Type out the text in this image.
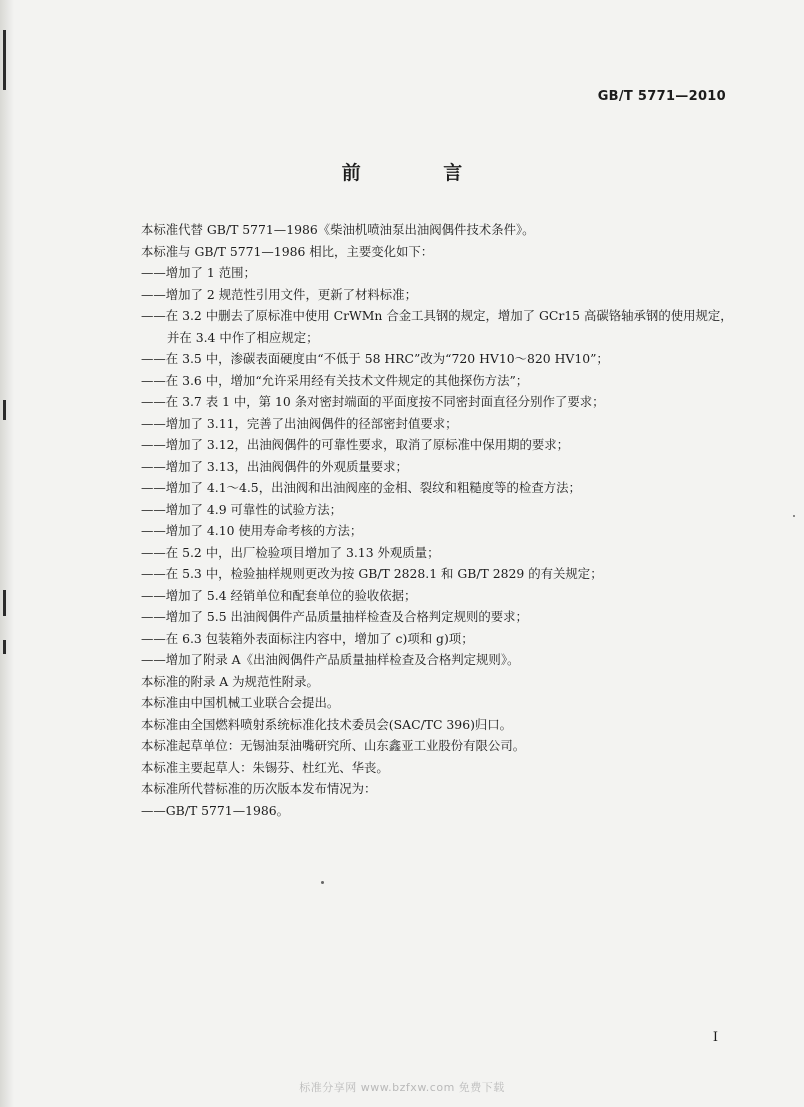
GB/T 5771—2010
前 言
本标准代替 GB/T 5771—1986《柴油机喷油泵出油阀偶件技术条件》。
本标准与 GB/T 5771—1986 相比，主要变化如下：
——增加了 1 范围；
——增加了 2 规范性引用文件，更新了材料标准；
——在 3.2 中删去了原标准中使用 CrWMn 合金工具钢的规定，增加了 GCr15 高碳铬轴承钢的使用规定，并在 3.4 中作了相应规定；
——在 3.5 中，渗碳表面硬度由“不低于 58 HRC”改为“720 HV10～820 HV10”；
——在 3.6 中，增加“允许采用经有关技术文件规定的其他探伤方法”；
——在 3.7 表 1 中，第 10 条对密封端面的平面度按不同密封面直径分别作了要求；
——增加了 3.11，完善了出油阀偶件的径部密封值要求；
——增加了 3.12，出油阀偶件的可靠性要求，取消了原标准中保用期的要求；
——增加了 3.13，出油阀偶件的外观质量要求；
——增加了 4.1～4.5，出油阀和出油阀座的金相、裂纹和粗糙度等的检查方法；
——增加了 4.9 可靠性的试验方法；
——增加了 4.10 使用寿命考核的方法；
——在 5.2 中，出厂检验项目增加了 3.13 外观质量；
——在 5.3 中，检验抽样规则更改为按 GB/T 2828.1 和 GB/T 2829 的有关规定；
——增加了 5.4 经销单位和配套单位的验收依据；
——增加了 5.5 出油阀偶件产品质量抽样检查及合格判定规则的要求；
——在 6.3 包装箱外表面标注内容中，增加了 c)项和 g)项；
——增加了附录 A《出油阀偶件产品质量抽样检查及合格判定规则》。
本标准的附录 A 为规范性附录。
本标准由中国机械工业联合会提出。
本标准由全国燃料喷射系统标准化技术委员会(SAC/TC 396)归口。
本标准起草单位：无锡油泵油嘴研究所、山东鑫亚工业股份有限公司。
本标准主要起草人：朱锡芬、杜红光、华丧。
本标准所代替标准的历次版本发布情况为：
——GB/T 5771—1986。
I
标准分享网 www.bzfxw.com 免费下载
